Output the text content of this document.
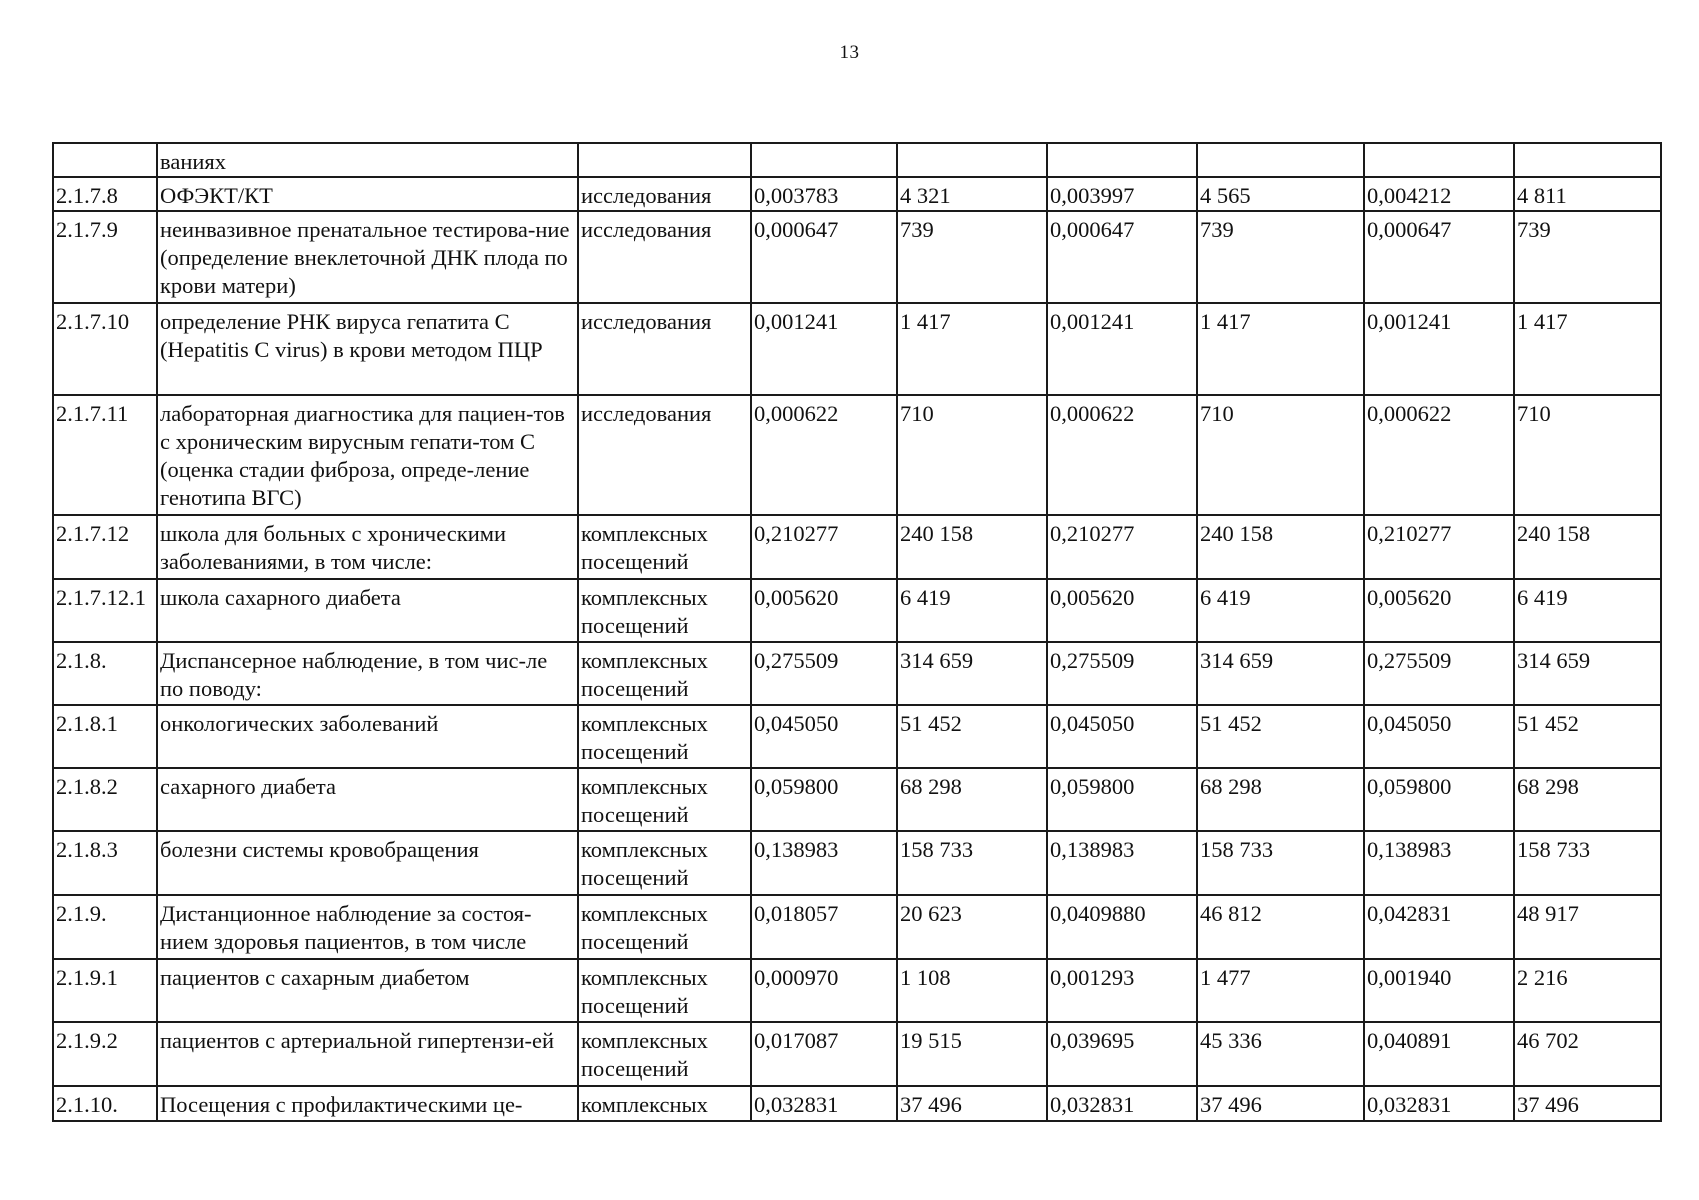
13
	ваниях							
2.1.7.8	ОФЭКТ/КТ	исследования	0,003783	4 321	0,003997	4 565	0,004212	4 811
2.1.7.9	неинвазивное пренатальное тестирова-ние (определение внеклеточной ДНК плода по крови матери)	исследования	0,000647	739	0,000647	739	0,000647	739
2.1.7.10	определение РНК вируса гепатита С (Hepatitis C virus) в крови методом ПЦР	исследования	0,001241	1 417	0,001241	1 417	0,001241	1 417
2.1.7.11	лабораторная диагностика для пациен-тов с хроническим вирусным гепати-том С (оценка стадии фиброза, опреде-ление генотипа ВГС)	исследования	0,000622	710	0,000622	710	0,000622	710
2.1.7.12	школа для больных с хроническими заболеваниями, в том числе:	комплексных посещений	0,210277	240 158	0,210277	240 158	0,210277	240 158
2.1.7.12.1	школа сахарного диабета	комплексных посещений	0,005620	6 419	0,005620	6 419	0,005620	6 419
2.1.8.	Диспансерное наблюдение, в том чис-ле по поводу:	комплексных посещений	0,275509	314 659	0,275509	314 659	0,275509	314 659
2.1.8.1	онкологических заболеваний	комплексных посещений	0,045050	51 452	0,045050	51 452	0,045050	51 452
2.1.8.2	сахарного диабета	комплексных посещений	0,059800	68 298	0,059800	68 298	0,059800	68 298
2.1.8.3	болезни системы кровобращения	комплексных посещений	0,138983	158 733	0,138983	158 733	0,138983	158 733
2.1.9.	Дистанционное наблюдение за состоя-нием здоровья пациентов, в том числе	комплексных посещений	0,018057	20 623	0,0409880	46 812	0,042831	48 917
2.1.9.1	пациентов с сахарным диабетом	комплексных посещений	0,000970	1 108	0,001293	1 477	0,001940	2 216
2.1.9.2	пациентов с артериальной гипертензи-ей	комплексных посещений	0,017087	19 515	0,039695	45 336	0,040891	46 702
2.1.10.	Посещения с профилактическими це-	комплексных	0,032831	37 496	0,032831	37 496	0,032831	37 496
